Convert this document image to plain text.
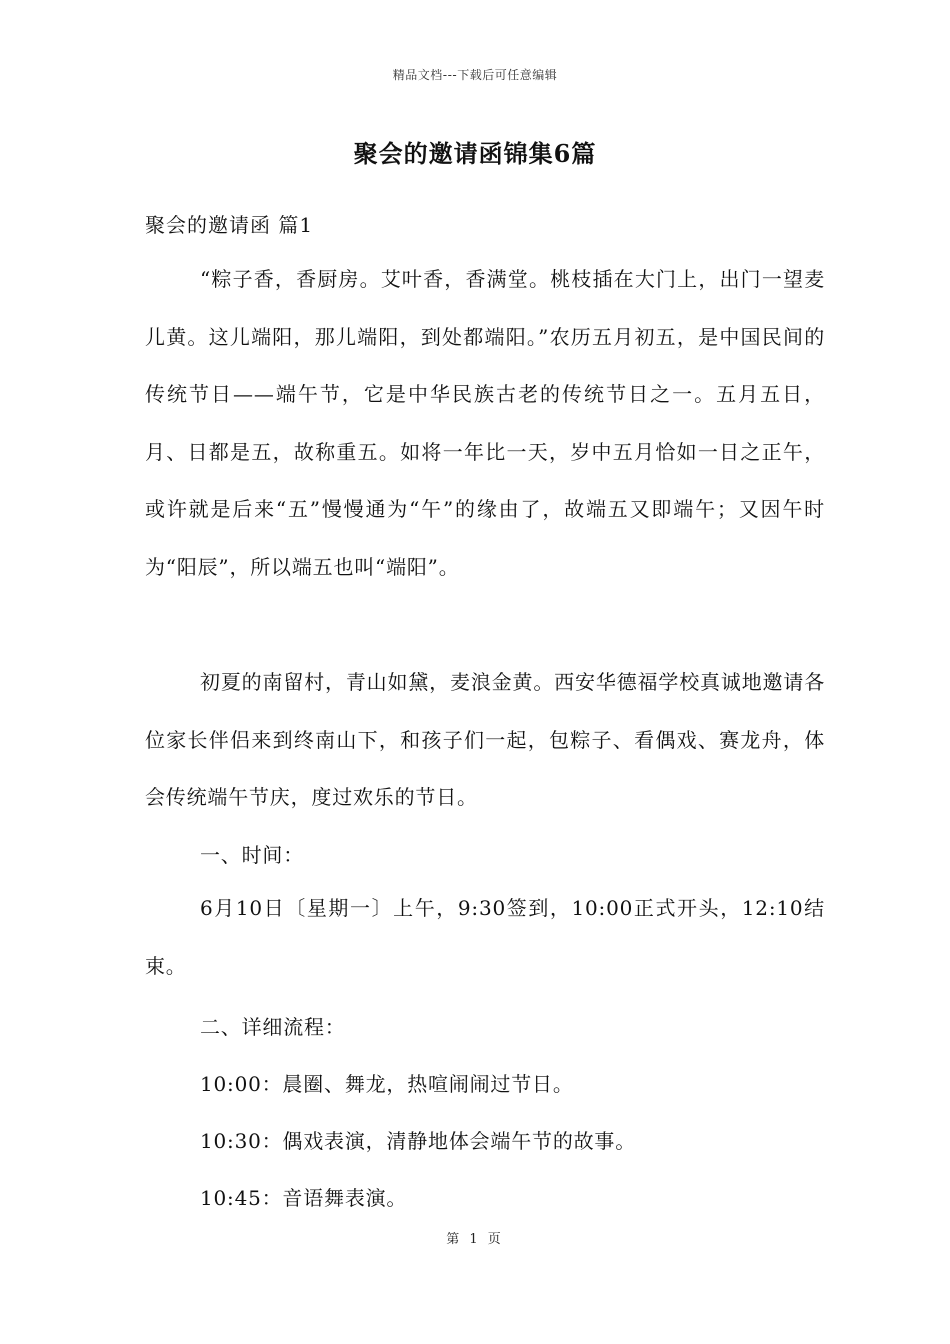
精品文档---下载后可任意编辑
聚会的邀请函锦集6篇
聚会的邀请函 篇1

“粽子香，香厨房。艾叶香，香满堂。桃枝插在大门上，出门一望麦儿黄。这儿端阳，那儿端阳，到处都端阳。”农历五月初五，是中国民间的传统节日——端午节，它是中华民族古老的传统节日之一。五月五日，月、日都是五，故称重五。如将一年比一天，岁中五月恰如一日之正午，或许就是后来“五”慢慢通为“午”的缘由了，故端五又即端午；又因午时为“阳辰”，所以端五也叫“端阳”。

初夏的南留村，青山如黛，麦浪金黄。西安华德福学校真诚地邀请各位家长伴侣来到终南山下，和孩子们一起，包粽子、看偶戏、赛龙舟，体会传统端午节庆，度过欢乐的节日。

一、时间：

6月10日〔星期一〕上午，9:30签到，10:00正式开头，12:10结束。

二、详细流程：
10:00：晨圈、舞龙，热喧闹闹过节日。
10:30：偶戏表演，清静地体会端午节的故事。
10:45：音语舞表演。
第 1 页
